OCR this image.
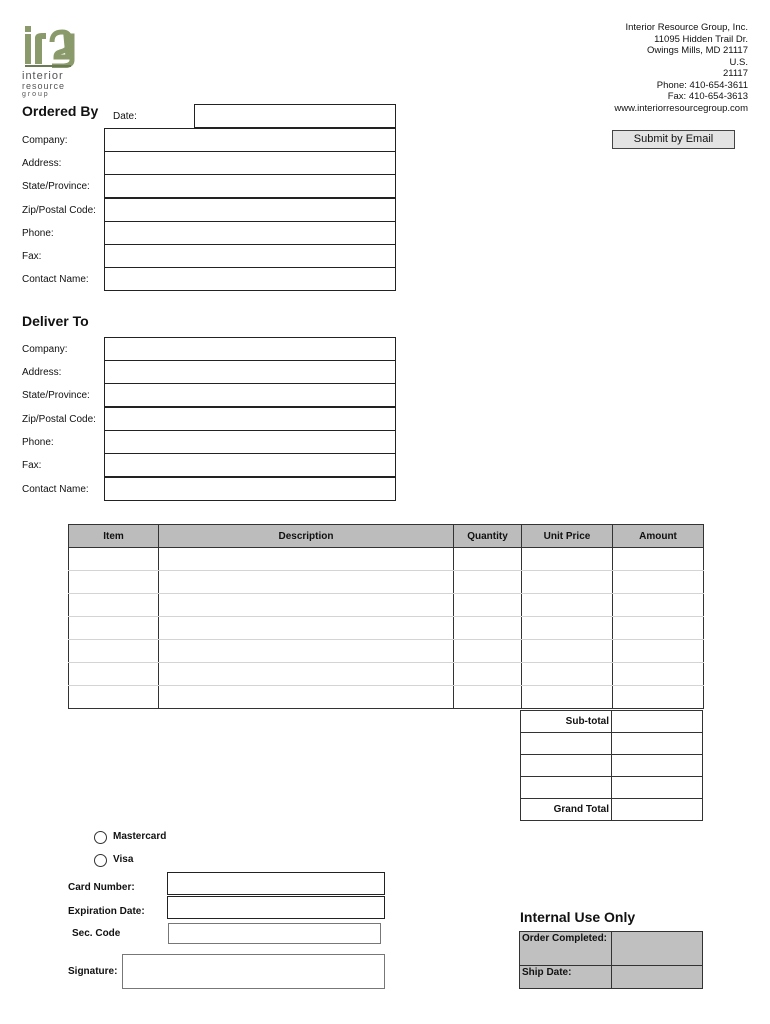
interior
resource
g r o u p
Interior Resource Group, Inc.
11095 Hidden Trail Dr.
Owings Mills, MD 21117
U.S.
21117
Phone: 410-654-3611
Fax: 410-654-3613
www.interiorresourcegroup.com
Submit by Email
Ordered By Date:
Company:
Address:
State/Province:
Zip/Postal Code:
Phone:
Fax:
Contact Name:
Deliver To
Company:
Address:
State/Province:
Zip/Postal Code:
Phone:
Fax:
Contact Name:
Item	Description	Quantity	Unit Price	Amount

Sub-total	

Grand Total	
Mastercard
Visa
Card Number:
Expiration Date:
Sec. Code
Signature:
Internal Use Only
Order Completed:	
Ship Date:	
